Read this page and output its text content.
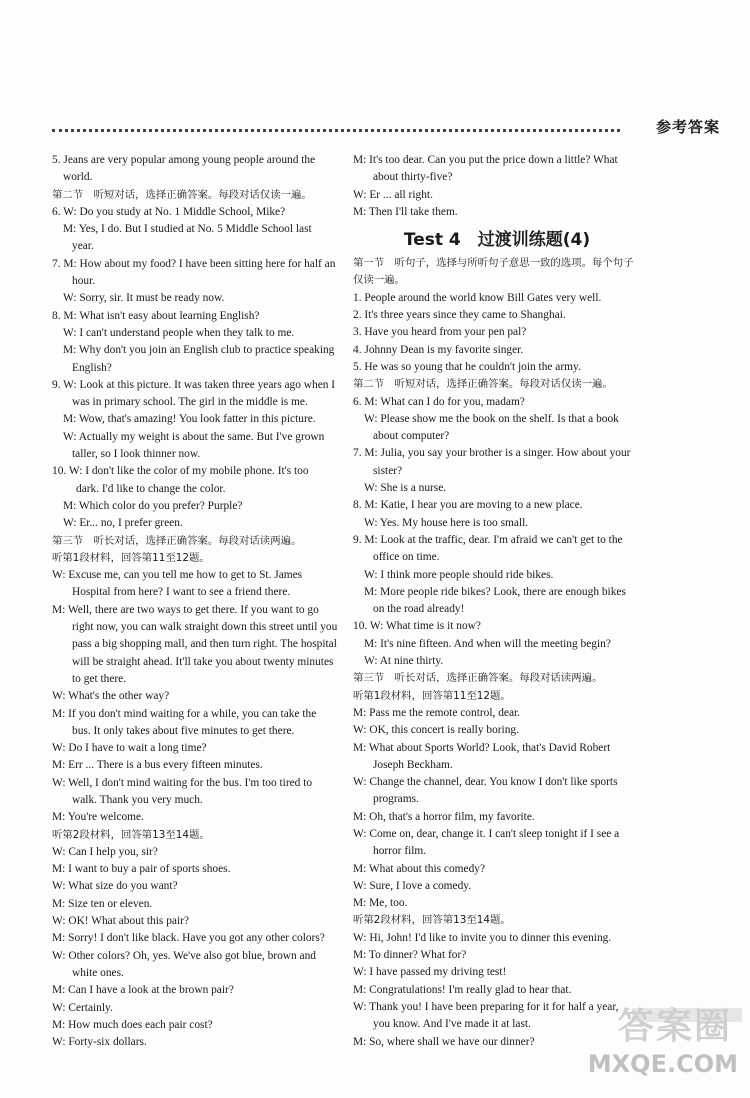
参考答案
5. Jeans are very popular among young people around the
world.
第二节　听短对话，选择正确答案。每段对话仅读一遍。
6. W: Do you study at No. 1 Middle School, Mike?
M: Yes, I do. But I studied at No. 5 Middle School last
year.
7. M: How about my food? I have been sitting here for half an
hour.
W: Sorry, sir. It must be ready now.
8. M: What isn't easy about learning English?
W: I can't understand people when they talk to me.
M: Why don't you join an English club to practice speaking
English?
9. W: Look at this picture. It was taken three years ago when I
was in primary school. The girl in the middle is me.
M: Wow, that's amazing! You look fatter in this picture.
W: Actually my weight is about the same. But I've grown
taller, so I look thinner now.
10. W: I don't like the color of my mobile phone. It's too
dark. I'd like to change the color.
M: Which color do you prefer? Purple?
W: Er... no, I prefer green.
第三节　听长对话，选择正确答案。每段对话读两遍。
听第1段材料，回答第11至12题。
W: Excuse me, can you tell me how to get to St. James
Hospital from here? I want to see a friend there.
M: Well, there are two ways to get there. If you want to go
right now, you can walk straight down this street until you
pass a big shopping mall, and then turn right. The hospital
will be straight ahead. It'll take you about twenty minutes
to get there.
W: What's the other way?
M: If you don't mind waiting for a while, you can take the
bus. It only takes about five minutes to get there.
W: Do I have to wait a long time?
M: Err ... There is a bus every fifteen minutes.
W: Well, I don't mind waiting for the bus. I'm too tired to
walk. Thank you very much.
M: You're welcome.
听第2段材料，回答第13至14题。
W: Can I help you, sir?
M: I want to buy a pair of sports shoes.
W: What size do you want?
M: Size ten or eleven.
W: OK! What about this pair?
M: Sorry! I don't like black. Have you got any other colors?
W: Other colors? Oh, yes. We've also got blue, brown and
white ones.
M: Can I have a look at the brown pair?
W: Certainly.
M: How much does each pair cost?
W: Forty-six dollars.
M: It's too dear. Can you put the price down a little? What
about thirty-five?
W: Er ... all right.
M: Then I'll take them.
Test 4　过渡训练题(4)
第一节　听句子，选择与所听句子意思一致的选项。每个句子
仅读一遍。
1. People around the world know Bill Gates very well.
2. It's three years since they came to Shanghai.
3. Have you heard from your pen pal?
4. Johnny Dean is my favorite singer.
5. He was so young that he couldn't join the army.
第二节　听短对话，选择正确答案。每段对话仅读一遍。
6. M: What can I do for you, madam?
W: Please show me the book on the shelf. Is that a book
about computer?
7. M: Julia, you say your brother is a singer. How about your
sister?
W: She is a nurse.
8. M: Katie, I hear you are moving to a new place.
W: Yes. My house here is too small.
9. M: Look at the traffic, dear. I'm afraid we can't get to the
office on time.
W: I think more people should ride bikes.
M: More people ride bikes? Look, there are enough bikes
on the road already!
10. W: What time is it now?
M: It's nine fifteen. And when will the meeting begin?
W: At nine thirty.
第三节　听长对话，选择正确答案。每段对话读两遍。
听第1段材料，回答第11至12题。
M: Pass me the remote control, dear.
W: OK, this concert is really boring.
M: What about Sports World? Look, that's David Robert
Joseph Beckham.
W: Change the channel, dear. You know I don't like sports
programs.
M: Oh, that's a horror film, my favorite.
W: Come on, dear, change it. I can't sleep tonight if I see a
horror film.
M: What about this comedy?
W: Sure, I love a comedy.
M: Me, too.
听第2段材料，回答第13至14题。
W: Hi, John! I'd like to invite you to dinner this evening.
M: To dinner? What for?
W: I have passed my driving test!
M: Congratulations! I'm really glad to hear that.
W: Thank you! I have been preparing for it for half a year,
you know. And I've made it at last.
M: So, where shall we have our dinner?	答案圈
MXQE.COM
